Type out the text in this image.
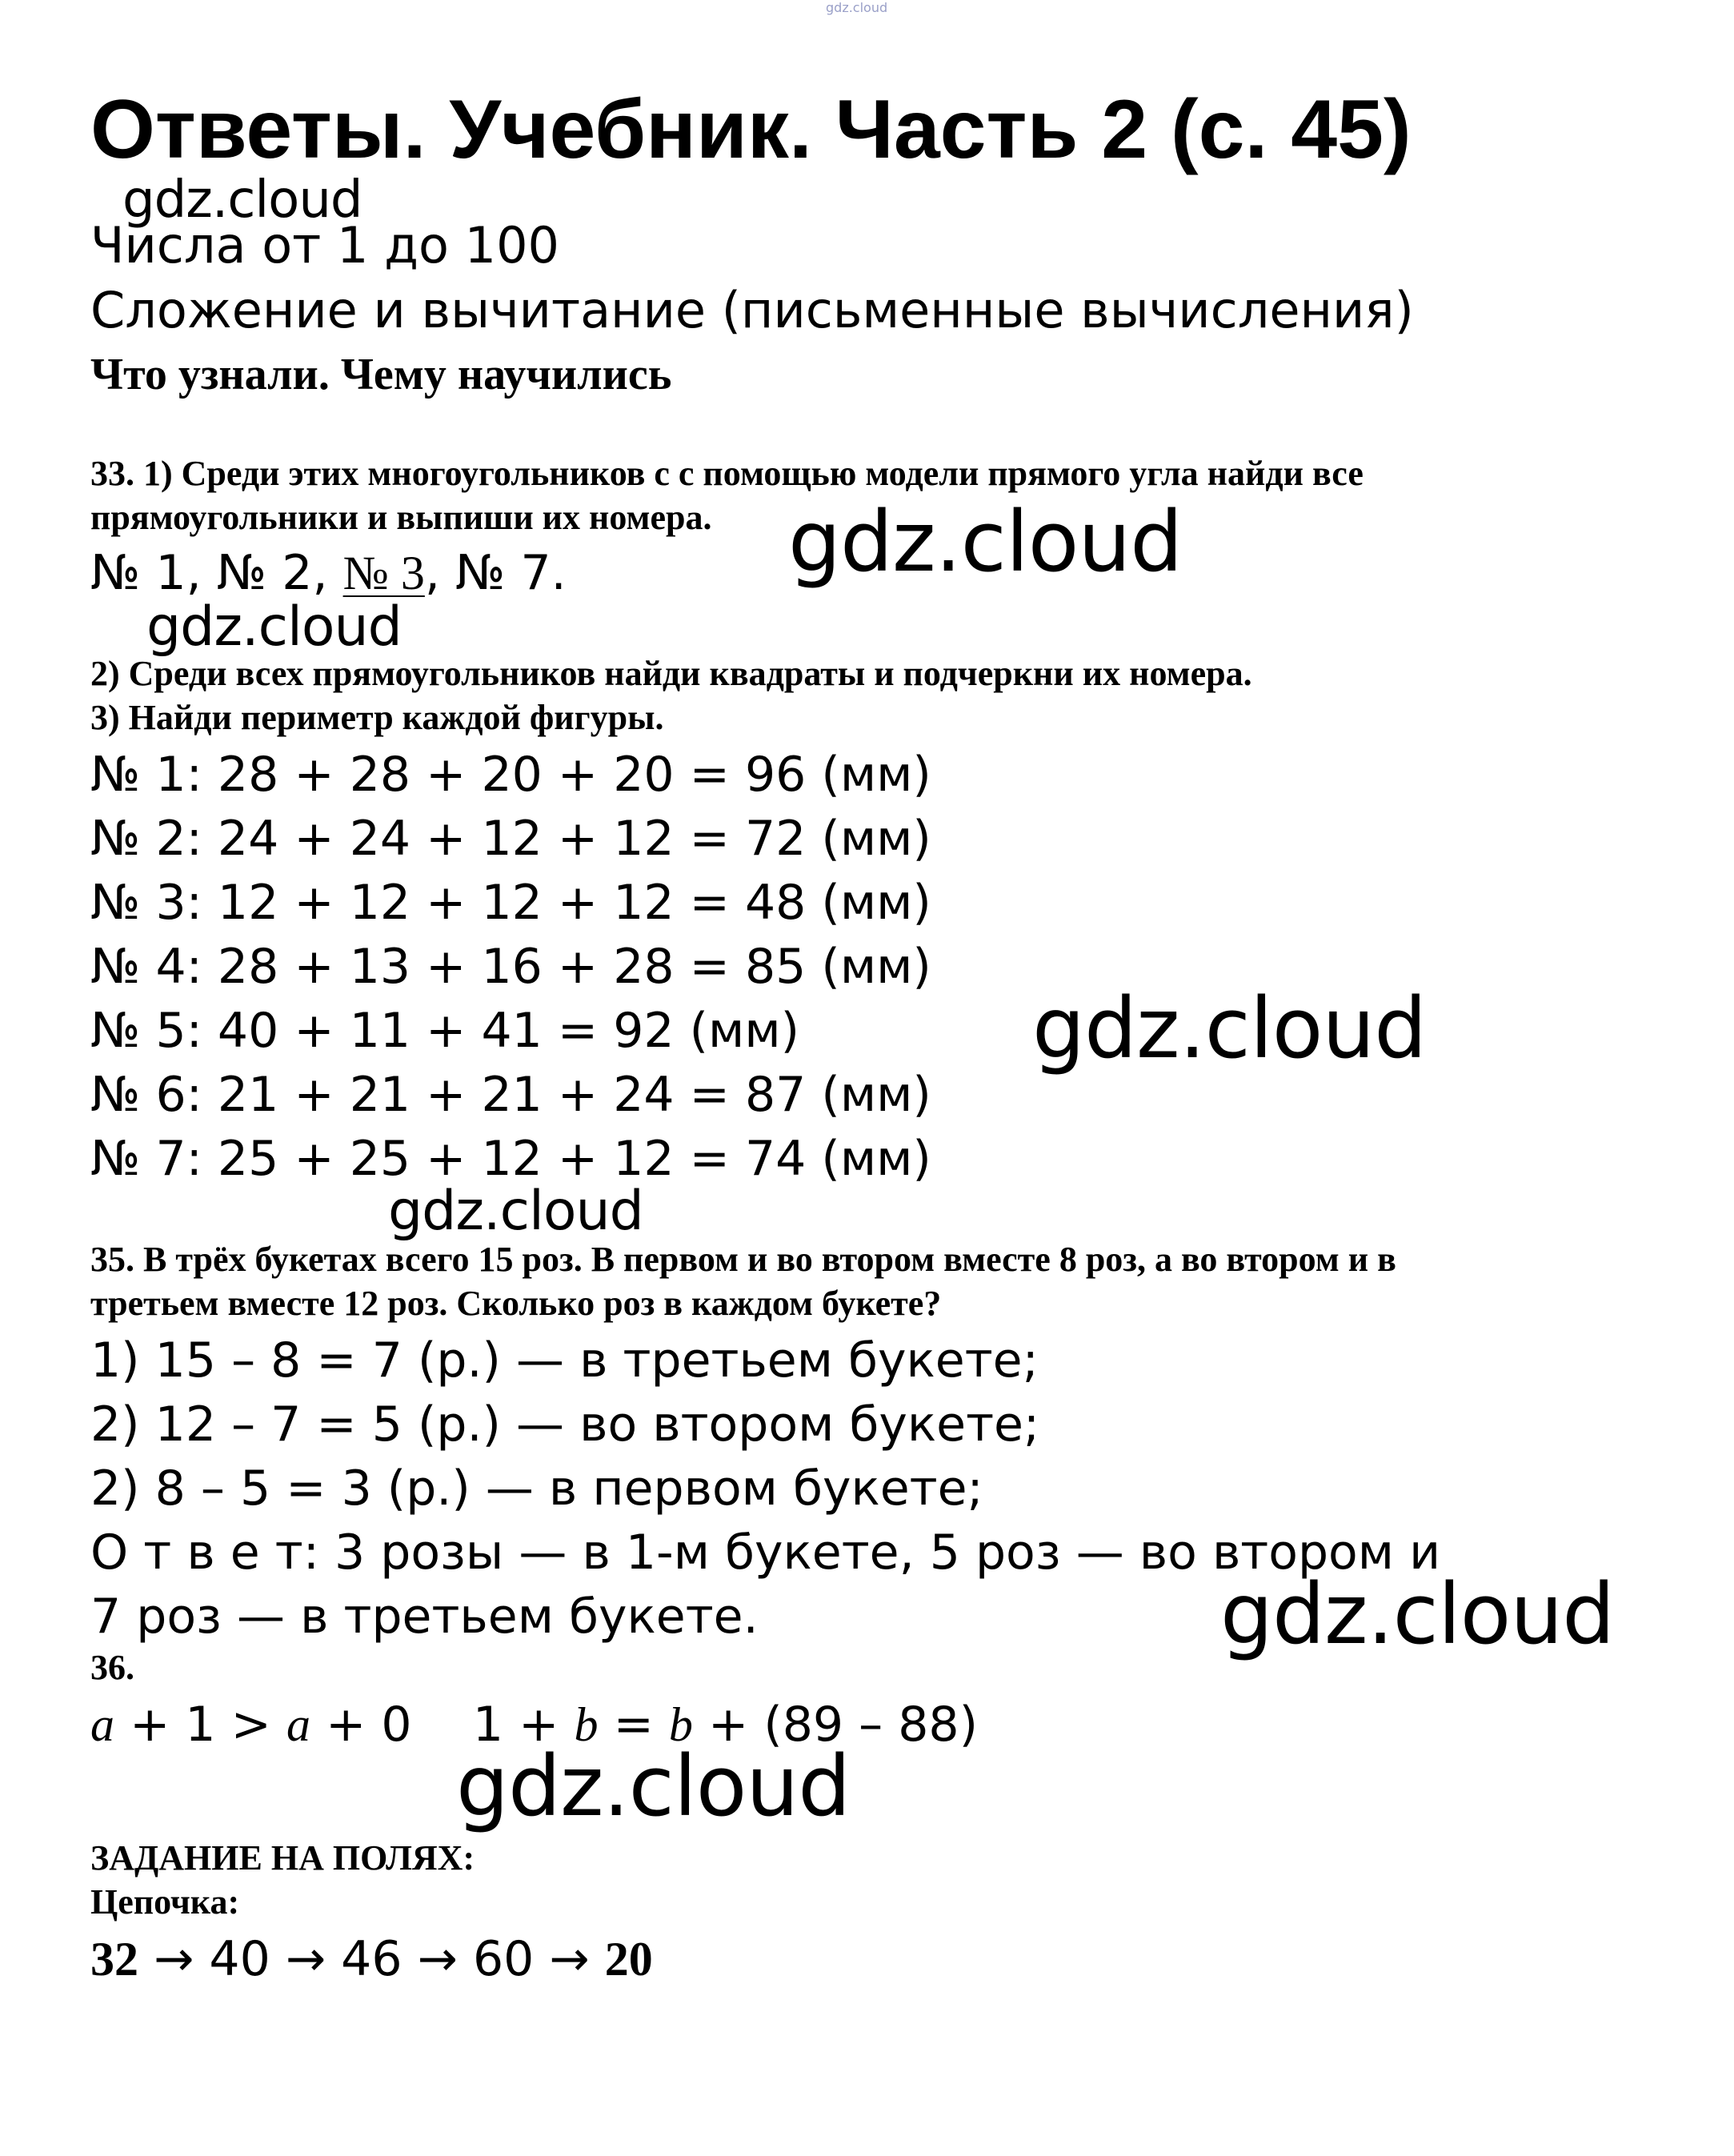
gdz.cloud
Ответы. Учебник. Часть 2 (с. 45)
gdz.cloud
Числа от 1 до 100
Сложение и вычитание (письменные вычисления)
Что узнали. Чему научились
33. 1) Среди этих многоугольников с с помощью модели прямого угла найди все
прямоугольники и выпиши их номера. gdz.cloud
№ 1, № 2, № 3, № 7.
gdz.cloud
2) Среди всех прямоугольников найди квадраты и подчеркни их номера.
3) Найди периметр каждой фигуры.
№ 1: 28 + 28 + 20 + 20 = 96 (мм)
№ 2: 24 + 24 + 12 + 12 = 72 (мм)
№ 3: 12 + 12 + 12 + 12 = 48 (мм)
№ 4: 28 + 13 + 16 + 28 = 85 (мм)
№ 5: 40 + 11 + 41 = 92 (мм)
№ 6: 21 + 21 + 21 + 24 = 87 (мм)
№ 7: 25 + 25 + 12 + 12 = 74 (мм)
gdz.cloud
gdz.cloud
35. В трёх букетах всего 15 роз. В первом и во втором вместе 8 роз, а во втором и в
третьем вместе 12 роз. Сколько роз в каждом букете?
1) 15 – 8 = 7 (р.) — в третьем букете;
2) 12 – 7 = 5 (р.) — во втором букете;
2) 8 – 5 = 3 (р.) — в первом букете;
О т в е т: 3 розы — в 1-м букете, 5 роз — во втором и
7 роз — в третьем букете.	gdz.cloud
36.
a + 1 > a + 0    1 + b = b + (89 – 88)
gdz.cloud
ЗАДАНИЕ НА ПОЛЯХ:
Цепочка:
32 → 40 → 46 → 60 → 20
